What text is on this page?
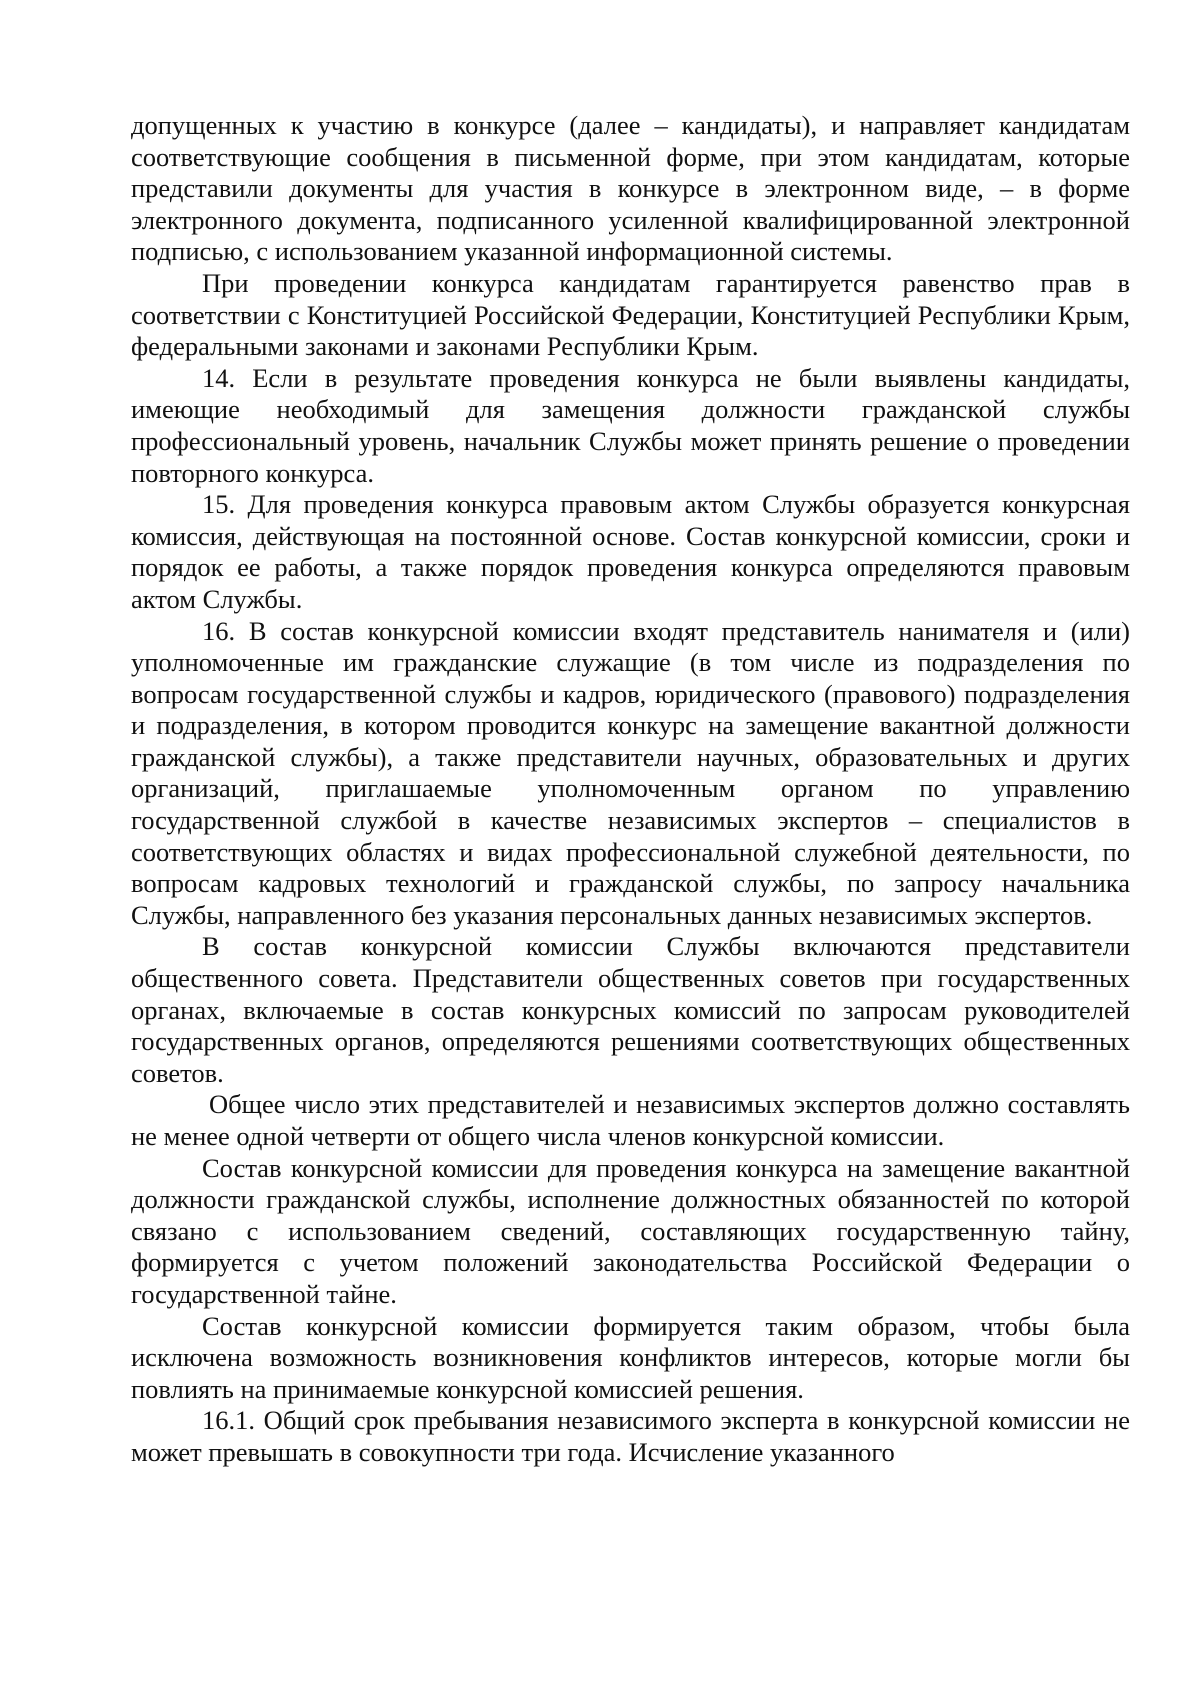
допущенных к участию в конкурсе (далее – кандидаты), и направляет кандидатам соответствующие сообщения в письменной форме, при этом кандидатам, которые представили документы для участия в конкурсе в электронном виде, – в форме электронного документа, подписанного усиленной квалифицированной электронной подписью, с использованием указанной информационной системы.

При проведении конкурса кандидатам гарантируется равенство прав в соответствии с Конституцией Российской Федерации, Конституцией Республики Крым, федеральными законами и законами Республики Крым.

14. Если в результате проведения конкурса не были выявлены кандидаты, имеющие необходимый для замещения должности гражданской службы профессиональный уровень, начальник Службы может принять решение о проведении повторного конкурса.

15. Для проведения конкурса правовым актом Службы образуется конкурсная комиссия, действующая на постоянной основе. Состав конкурсной комиссии, сроки и порядок ее работы, а также порядок проведения конкурса определяются правовым актом Службы.

16. В состав конкурсной комиссии входят представитель нанимателя и (или) уполномоченные им гражданские служащие (в том числе из подразделения по вопросам государственной службы и кадров, юридического (правового) подразделения и подразделения, в котором проводится конкурс на замещение вакантной должности гражданской службы), а также представители научных, образовательных и других организаций, приглашаемые уполномоченным органом по управлению государственной службой в качестве независимых экспертов – специалистов в соответствующих областях и видах профессиональной служебной деятельности, по вопросам кадровых технологий и гражданской службы, по запросу начальника Службы, направленного без указания персональных данных независимых экспертов.

В состав конкурсной комиссии Службы включаются представители общественного совета. Представители общественных советов при государственных органах, включаемые в состав конкурсных комиссий по запросам руководителей государственных органов, определяются решениями соответствующих общественных советов.

Общее число этих представителей и независимых экспертов должно составлять не менее одной четверти от общего числа членов конкурсной комиссии.

Состав конкурсной комиссии для проведения конкурса на замещение вакантной должности гражданской службы, исполнение должностных обязанностей по которой связано с использованием сведений, составляющих государственную тайну, формируется с учетом положений законодательства Российской Федерации о государственной тайне.

Состав конкурсной комиссии формируется таким образом, чтобы была исключена возможность возникновения конфликтов интересов, которые могли бы повлиять на принимаемые конкурсной комиссией решения.

16.1. Общий срок пребывания независимого эксперта в конкурсной комиссии не может превышать в совокупности три года. Исчисление указанного
